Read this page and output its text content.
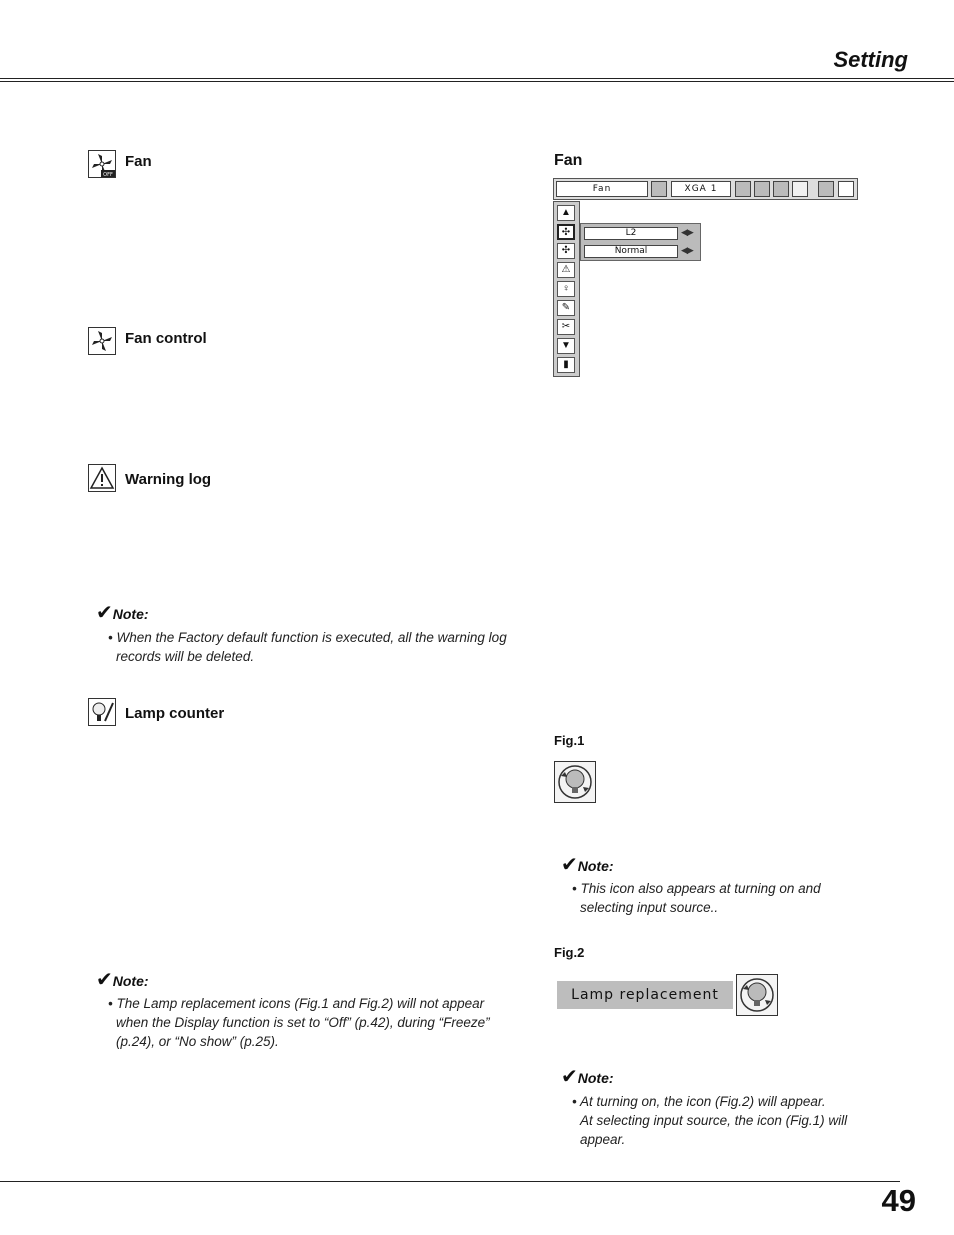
Setting
OFF
Fan
Fan control
Warning log
✔Note:
• When the Factory default function is executed, all the warning log
records will be deleted.
Lamp counter
✔Note:
• The Lamp replacement icons (Fig.1 and Fig.2) will not appear
when the Display function is set to “Off” (p.42), during “Freeze”
(p.24), or “No show” (p.25).
Fan
Fan	XGA 1
▲
✣
✣
⚠
♀
✎
✂
▼
▮
L2	◀▶
Normal	◀▶
Fig.1
✔Note:
• This icon also appears at turning on and
selecting input source..
Fig.2
Lamp replacement
✔Note:
• At turning on, the icon (Fig.2) will appear.
At selecting input source, the icon (Fig.1) will
appear.
49
